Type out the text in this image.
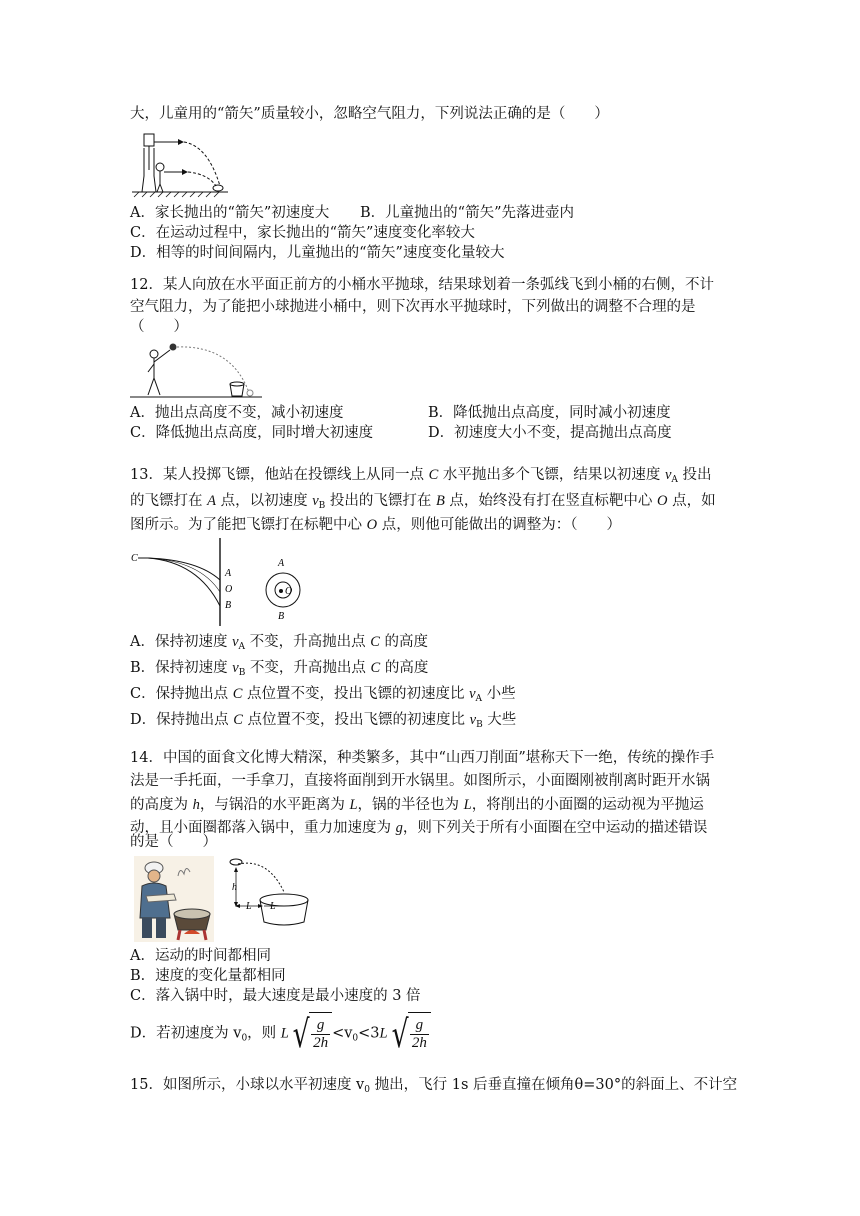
大，儿童用的“箭矢”质量较小，忽略空气阻力，下列说法正确的是（　　）
A．家长抛出的“箭矢”初速度大 B．儿童抛出的“箭矢”先落进壶内
C．在运动过程中，家长抛出的“箭矢”速度变化率较大
D．相等的时间间隔内，儿童抛出的“箭矢”速度变化量较大
12．某人向放在水平面正前方的小桶水平抛球，结果球划着一条弧线飞到小桶的右侧，不计
空气阻力，为了能把小球抛进小桶中，则下次再水平抛球时，下列做出的调整不合理的是
（　　）
A．抛出点高度不变，减小初速度	B．降低抛出点高度，同时减小初速度
C．降低抛出点高度，同时增大初速度	D．初速度大小不变，提高抛出点高度
13．某人投掷飞镖，他站在投镖线上从同一点 C 水平抛出多个飞镖，结果以初速度 $v_A$ 投出
的飞镖打在 A 点，以初速度 $v_B$ 投出的飞镖打在 B 点，始终没有打在竖直标靶中心 O 点，如
图所示。为了能把飞镖打在标靶中心 O 点，则他可能做出的调整为：（　　）
C
A
O
B
A
O
B
A．保持初速度 $v_A$ 不变，升高抛出点 C 的高度
B．保持初速度 $v_B$ 不变，升高抛出点 C 的高度
C．保持抛出点 C 点位置不变，投出飞镖的初速度比 $v_A$ 小些
D．保持抛出点 C 点位置不变，投出飞镖的初速度比 $v_B$ 大些
14．中国的面食文化博大精深，种类繁多，其中“山西刀削面”堪称天下一绝，传统的操作手
法是一手托面，一手拿刀，直接将面削到开水锅里。如图所示，小面圈刚被削离时距开水锅
的高度为 h，与锅沿的水平距离为 L，锅的半径也为 L，将削出的小面圈的运动视为平抛运
动，且小面圈都落入锅中，重力加速度为 g，则下列关于所有小面圈在空中运动的描述错误
的是（　　）
h
L L
A．运动的时间都相同
B．速度的变化量都相同
C．落入锅中时，最大速度是最小速度的 3 倍
D．若初速度为 $v_0$，则 $L√ \frac{g}{2h} <v_0<3L√ \frac{g}{2h}$
15．如图所示，小球以水平初速度 $v_0$ 抛出，飞行 1s 后垂直撞在倾角θ=30°的斜面上、不计空
